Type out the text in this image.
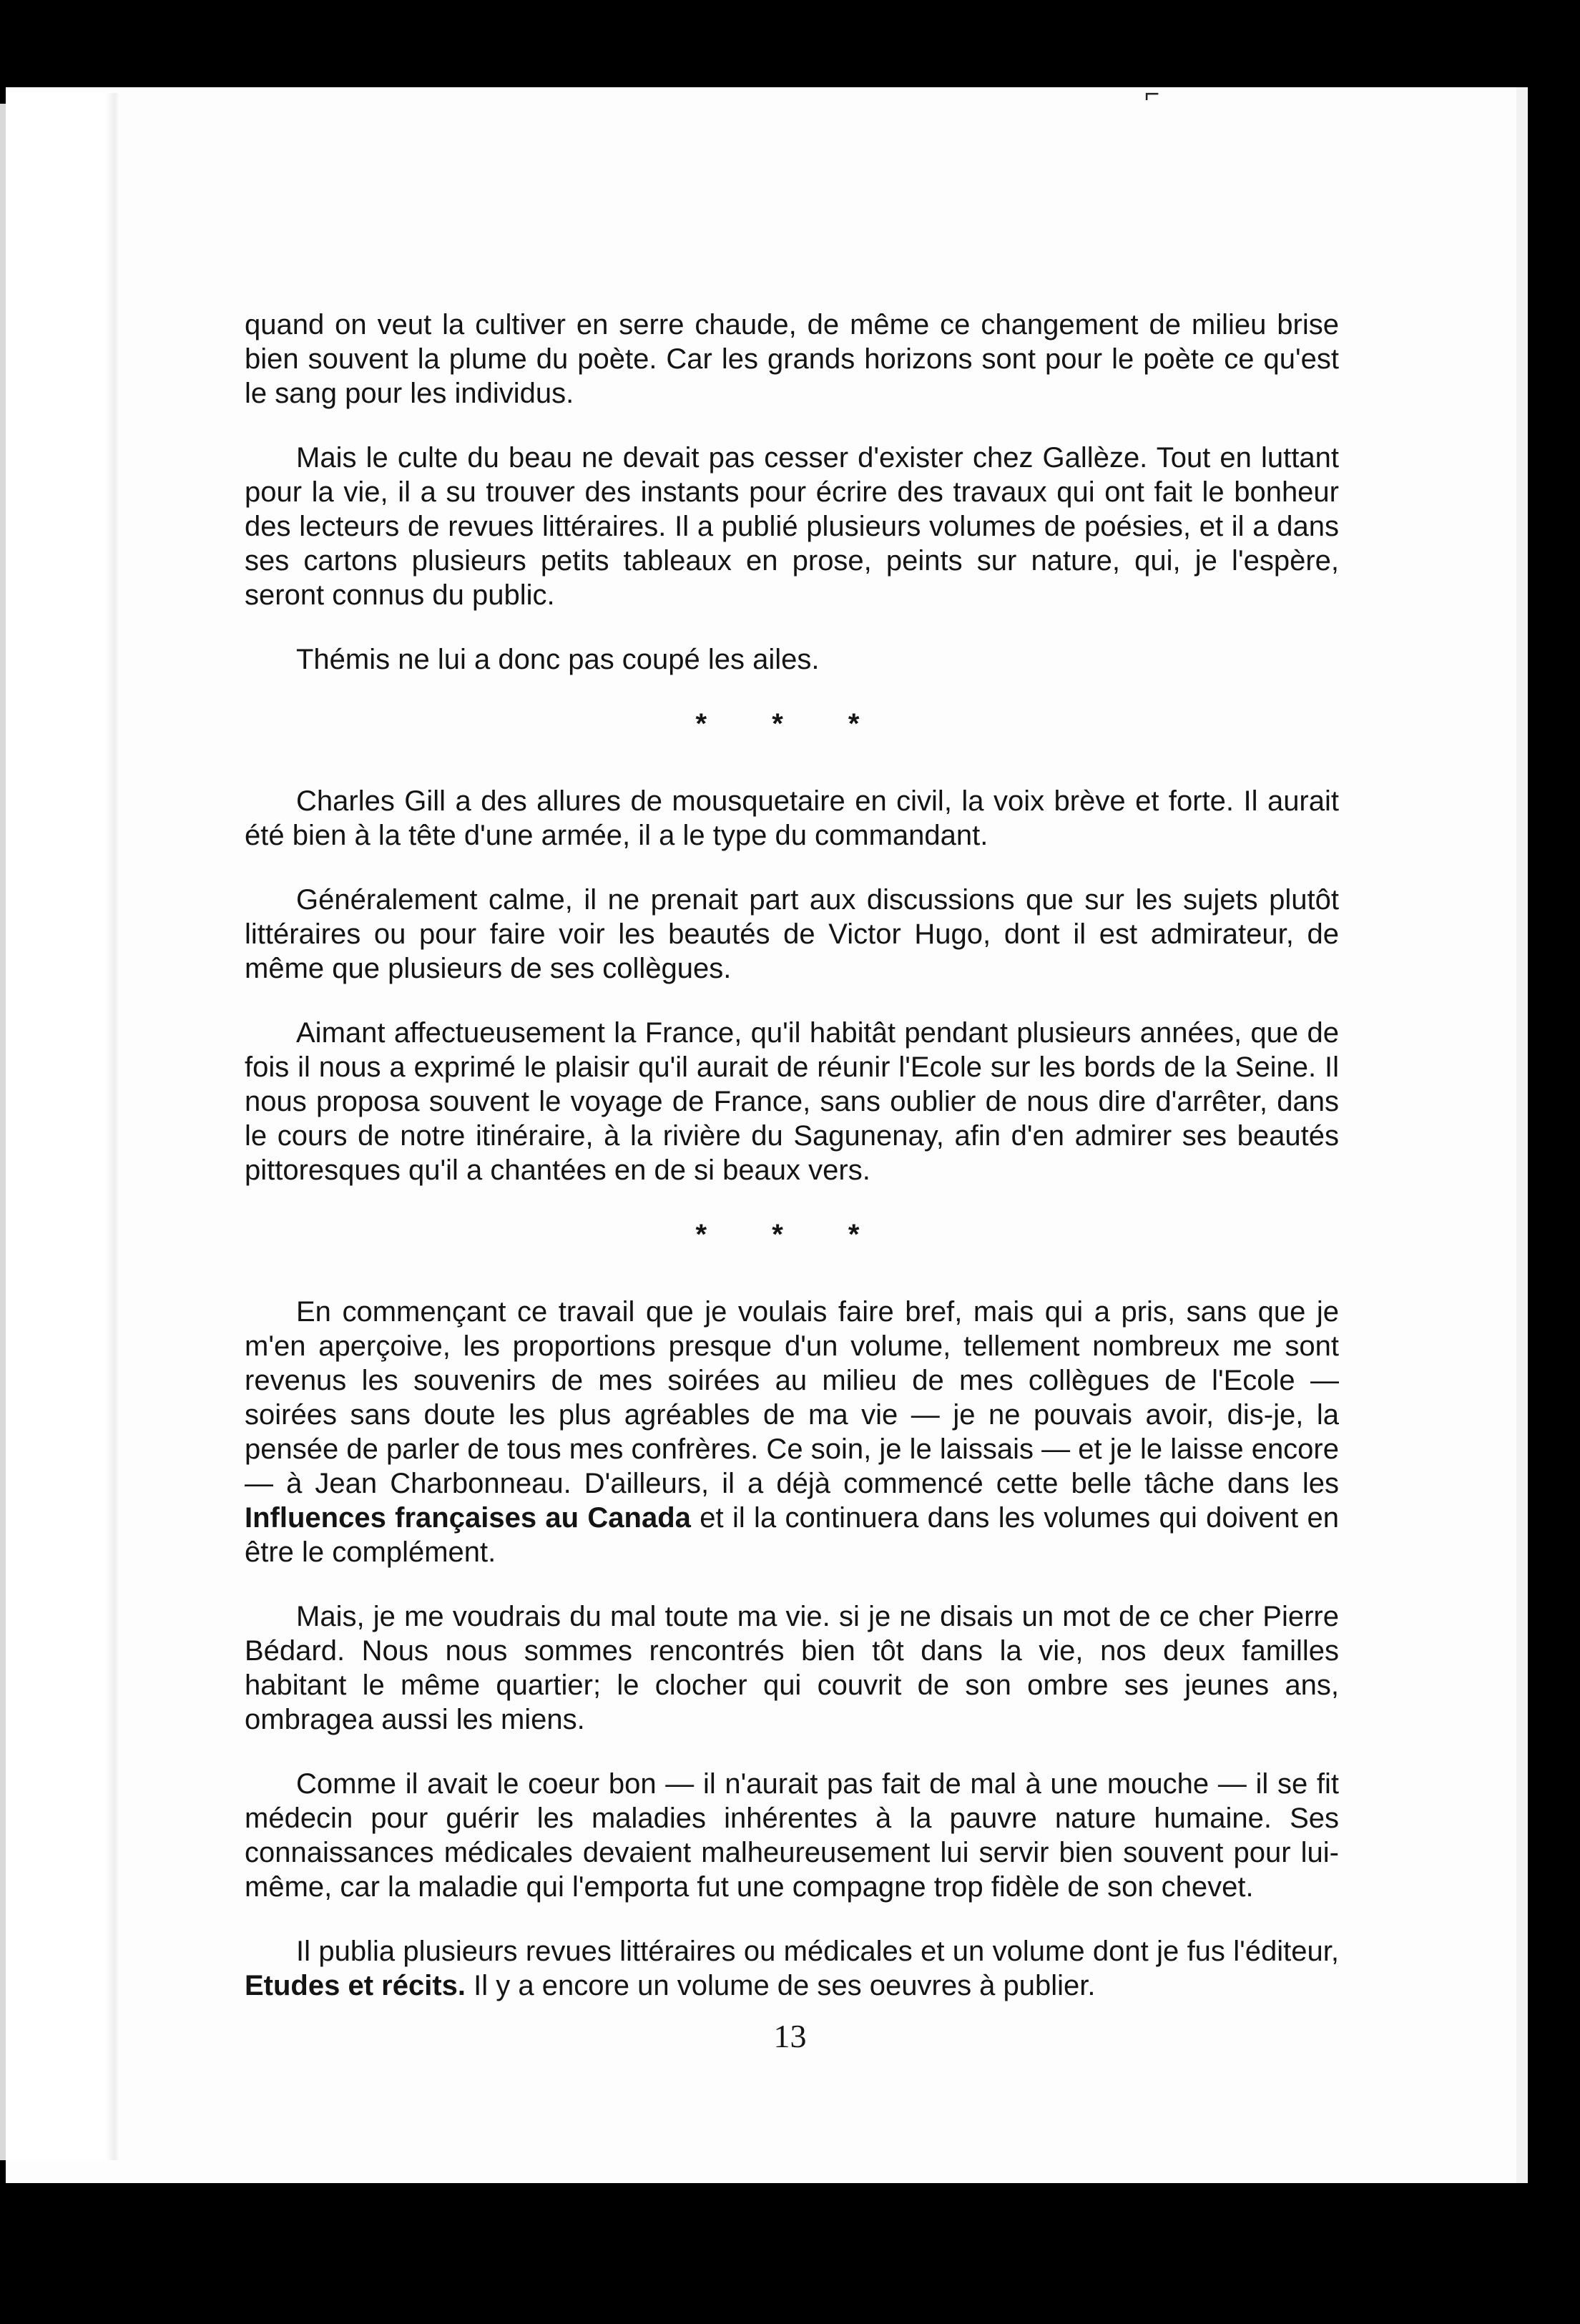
⌐

quand on veut la cultiver en serre chaude, de même ce changement de milieu brise bien souvent la plume du poète. Car les grands horizons sont pour le poète ce qu'est le sang pour les individus.

Mais le culte du beau ne devait pas cesser d'exister chez Gallèze. Tout en luttant pour la vie, il a su trouver des instants pour écrire des travaux qui ont fait le bonheur des lecteurs de revues littéraires. Il a publié plusieurs volumes de poésies, et il a dans ses cartons plusieurs petits tableaux en prose, peints sur nature, qui, je l'espère, seront connus du public.

Thémis ne lui a donc pas coupé les ailes.

* * *

Charles Gill a des allures de mousquetaire en civil, la voix brève et forte. Il aurait été bien à la tête d'une armée, il a le type du commandant.

Généralement calme, il ne prenait part aux discussions que sur les sujets plutôt littéraires ou pour faire voir les beautés de Victor Hugo, dont il est admirateur, de même que plusieurs de ses collègues.

Aimant affectueusement la France, qu'il habitât pendant plusieurs années, que de fois il nous a exprimé le plaisir qu'il aurait de réunir l'Ecole sur les bords de la Seine. Il nous proposa souvent le voyage de France, sans oublier de nous dire d'arrêter, dans le cours de notre itinéraire, à la rivière du Sagunenay, afin d'en admirer ses beautés pittoresques qu'il a chantées en de si beaux vers.

* * *

En commençant ce travail que je voulais faire bref, mais qui a pris, sans que je m'en aperçoive, les proportions presque d'un volume, tellement nombreux me sont revenus les souvenirs de mes soirées au milieu de mes collègues de l'Ecole — soirées sans doute les plus agréables de ma vie — je ne pouvais avoir, dis-je, la pensée de parler de tous mes confrères. Ce soin, je le laissais — et je le laisse encore — à Jean Charbonneau. D'ailleurs, il a déjà commencé cette belle tâche dans les Influences françaises au Canada et il la continuera dans les volumes qui doivent en être le complément.

Mais, je me voudrais du mal toute ma vie. si je ne disais un mot de ce cher Pierre Bédard. Nous nous sommes rencontrés bien tôt dans la vie, nos deux familles habitant le même quartier; le clocher qui couvrit de son ombre ses jeunes ans, ombragea aussi les miens.

Comme il avait le coeur bon — il n'aurait pas fait de mal à une mouche — il se fit médecin pour guérir les maladies inhérentes à la pauvre nature humaine. Ses connaissances médicales devaient malheureusement lui servir bien souvent pour lui-même, car la maladie qui l'emporta fut une compagne trop fidèle de son chevet.

Il publia plusieurs revues littéraires ou médicales et un volume dont je fus l'éditeur, Etudes et récits. Il y a encore un volume de ses oeuvres à publier.

13
